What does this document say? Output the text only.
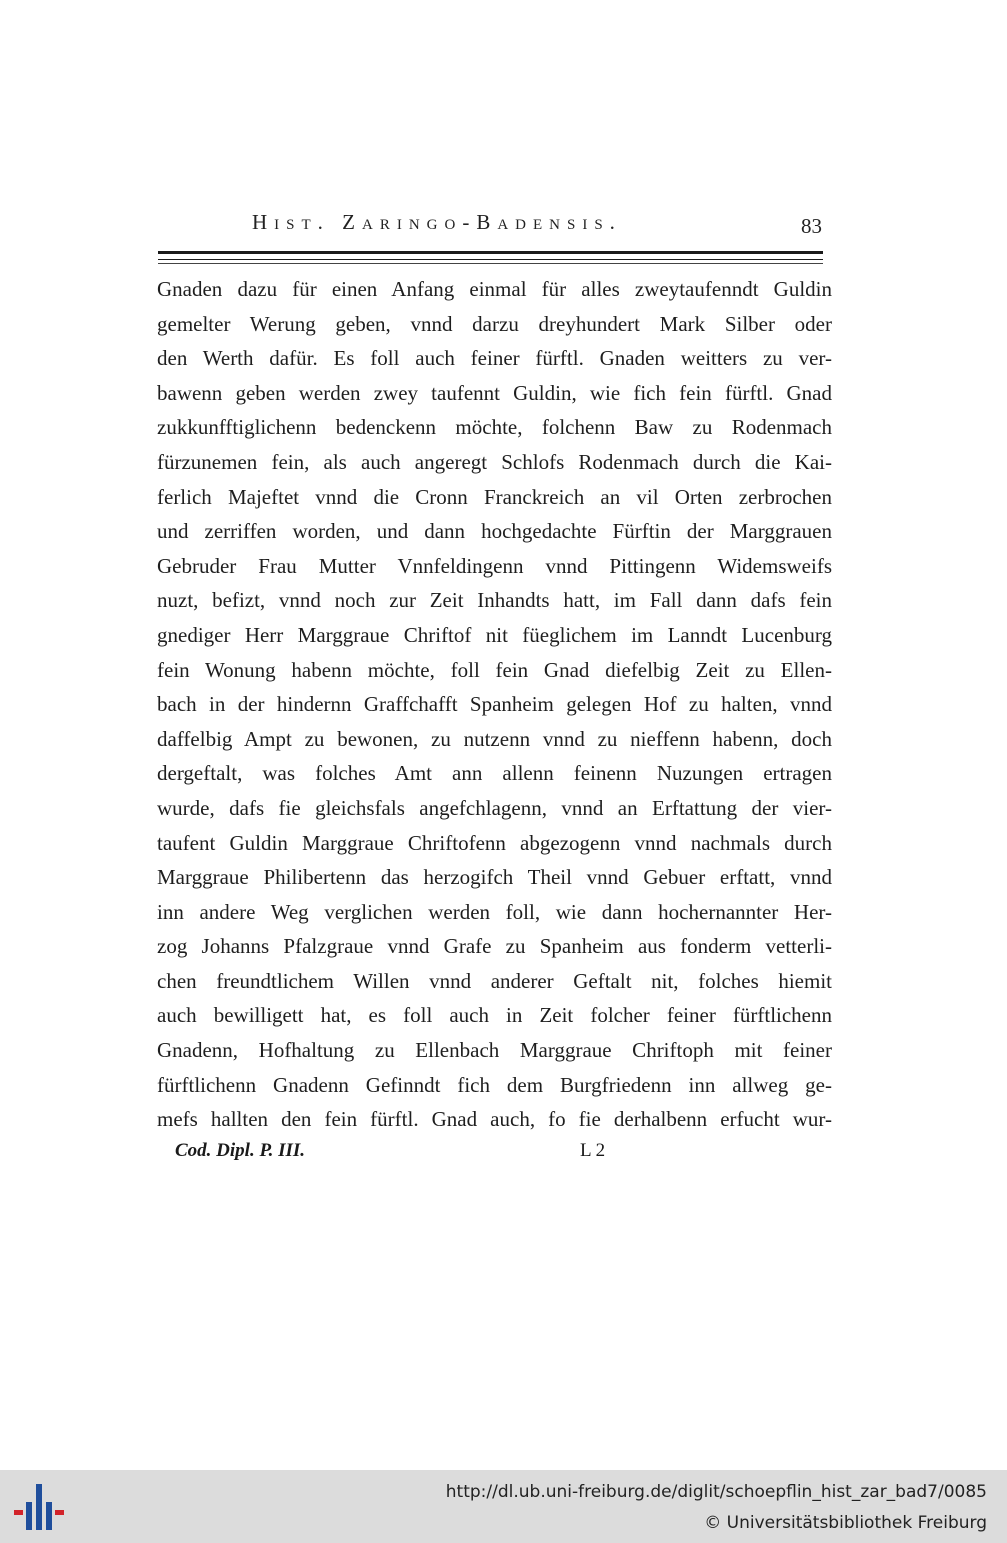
Hist. Zaringo-Badensis.	83
Gnaden dazu für einen Anfang einmal für alles zweytaufenndt Guldin
gemelter Werung geben, vnnd darzu dreyhundert Mark Silber oder
den Werth dafür. Es foll auch feiner fürftl. Gnaden weitters zu ver-
bawenn geben werden zwey taufennt Guldin, wie fich fein fürftl. Gnad
zukkunfftiglichenn bedenckenn möchte, folchenn Baw zu Rodenmach
fürzunemen fein, als auch angeregt Schlofs Rodenmach durch die Kai-
ferlich Majeftet vnnd die Cronn Franckreich an vil Orten zerbrochen
und zerriffen worden, und dann hochgedachte Fürftin der Marggrauen
Gebruder Frau Mutter Vnnfeldingenn vnnd Pittingenn Widemsweifs
nuzt, befizt, vnnd noch zur Zeit Inhandts hatt, im Fall dann dafs fein
gnediger Herr Marggraue Chriftof nit füeglichem im Lanndt Lucenburg
fein Wonung habenn möchte, foll fein Gnad diefelbig Zeit zu Ellen-
bach in der hindernn Graffchafft Spanheim gelegen Hof zu halten, vnnd
daffelbig Ampt zu bewonen, zu nutzenn vnnd zu nieffenn habenn, doch
dergeftalt, was folches Amt ann allenn feinenn Nuzungen ertragen
wurde, dafs fie gleichsfals angefchlagenn, vnnd an Erftattung der vier-
taufent Guldin Marggraue Chriftofenn abgezogenn vnnd nachmals durch
Marggraue Philibertenn das herzogifch Theil vnnd Gebuer erftatt, vnnd
inn andere Weg verglichen werden foll, wie dann hochernannter Her-
zog Johanns Pfalzgraue vnnd Grafe zu Spanheim aus fonderm vetterli-
chen freundtlichem Willen vnnd anderer Geftalt nit, folches hiemit
auch bewilligett hat, es foll auch in Zeit folcher feiner fürftlichenn
Gnadenn, Hofhaltung zu Ellenbach Marggraue Chriftoph mit feiner
fürftlichenn Gnadenn Gefinndt fich dem Burgfriedenn inn allweg ge-
mefs hallten den fein fürftl. Gnad auch, fo fie derhalbenn erfucht wur-
Cod. Dipl. P. III.	L 2
http://dl.ub.uni-freiburg.de/diglit/schoepflin_hist_zar_bad7/0085
© Universitätsbibliothek Freiburg
